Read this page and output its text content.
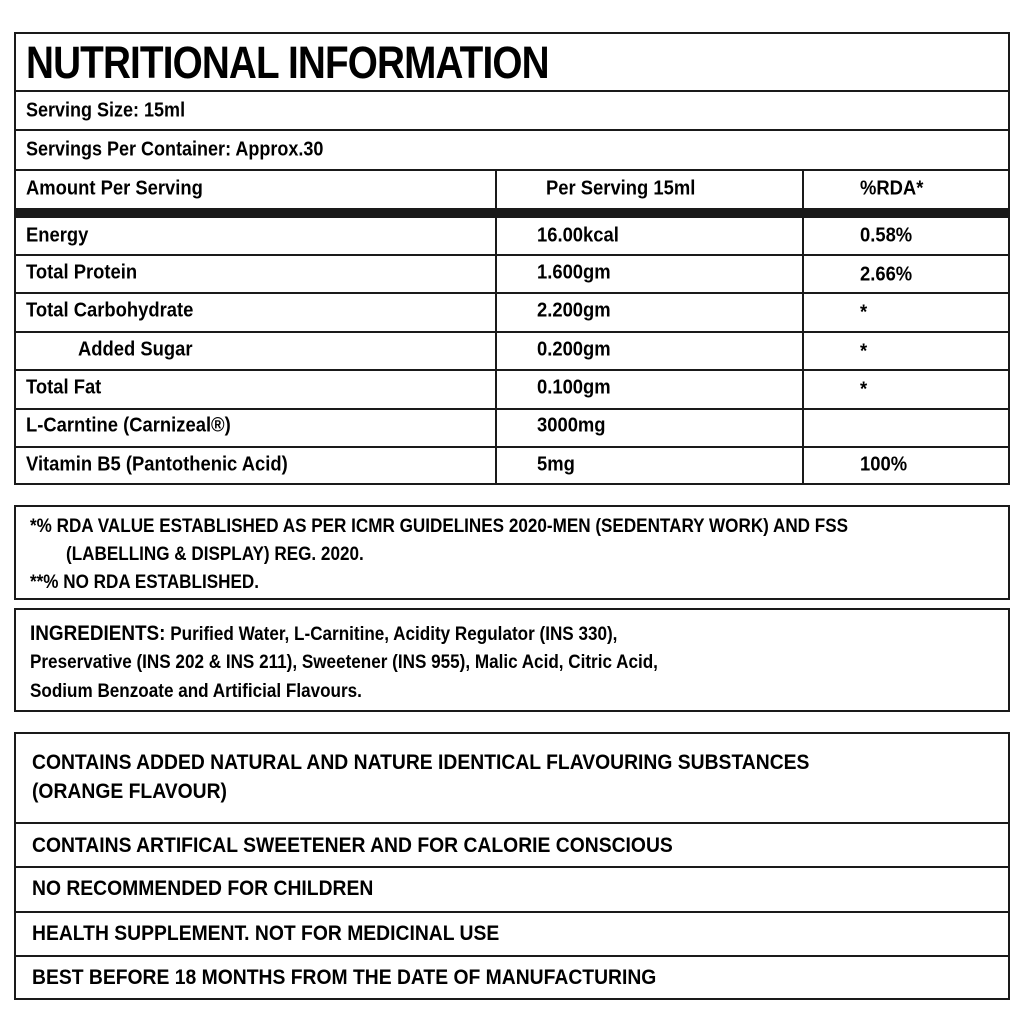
NUTRITIONAL INFORMATION
Serving Size: 15ml
Servings Per Container: Approx.30
Amount Per Serving	Per Serving 15ml	%RDA*
Energy	16.00kcal	0.58%
Total Protein	1.600gm	2.66%
Total Carbohydrate	2.200gm	*
Added Sugar	0.200gm	*
Total Fat	0.100gm	*
L-Carntine (Carnizeal®)	3000mg
Vitamin B5 (Pantothenic Acid)	5mg	100%
*% RDA VALUE ESTABLISHED AS PER ICMR GUIDELINES 2020-MEN (SEDENTARY WORK) AND FSS
(LABELLING & DISPLAY) REG. 2020.
**% NO RDA ESTABLISHED.
INGREDIENTS: Purified Water, L-Carnitine, Acidity Regulator (INS 330),
Preservative (INS 202 & INS 211), Sweetener (INS 955), Malic Acid, Citric Acid,
Sodium Benzoate and Artificial Flavours.
CONTAINS ADDED NATURAL AND NATURE IDENTICAL FLAVOURING SUBSTANCES
(ORANGE FLAVOUR)
CONTAINS ARTIFICAL SWEETENER AND FOR CALORIE CONSCIOUS
NO RECOMMENDED FOR CHILDREN
HEALTH SUPPLEMENT. NOT FOR MEDICINAL USE
BEST BEFORE 18 MONTHS FROM THE DATE OF MANUFACTURING
